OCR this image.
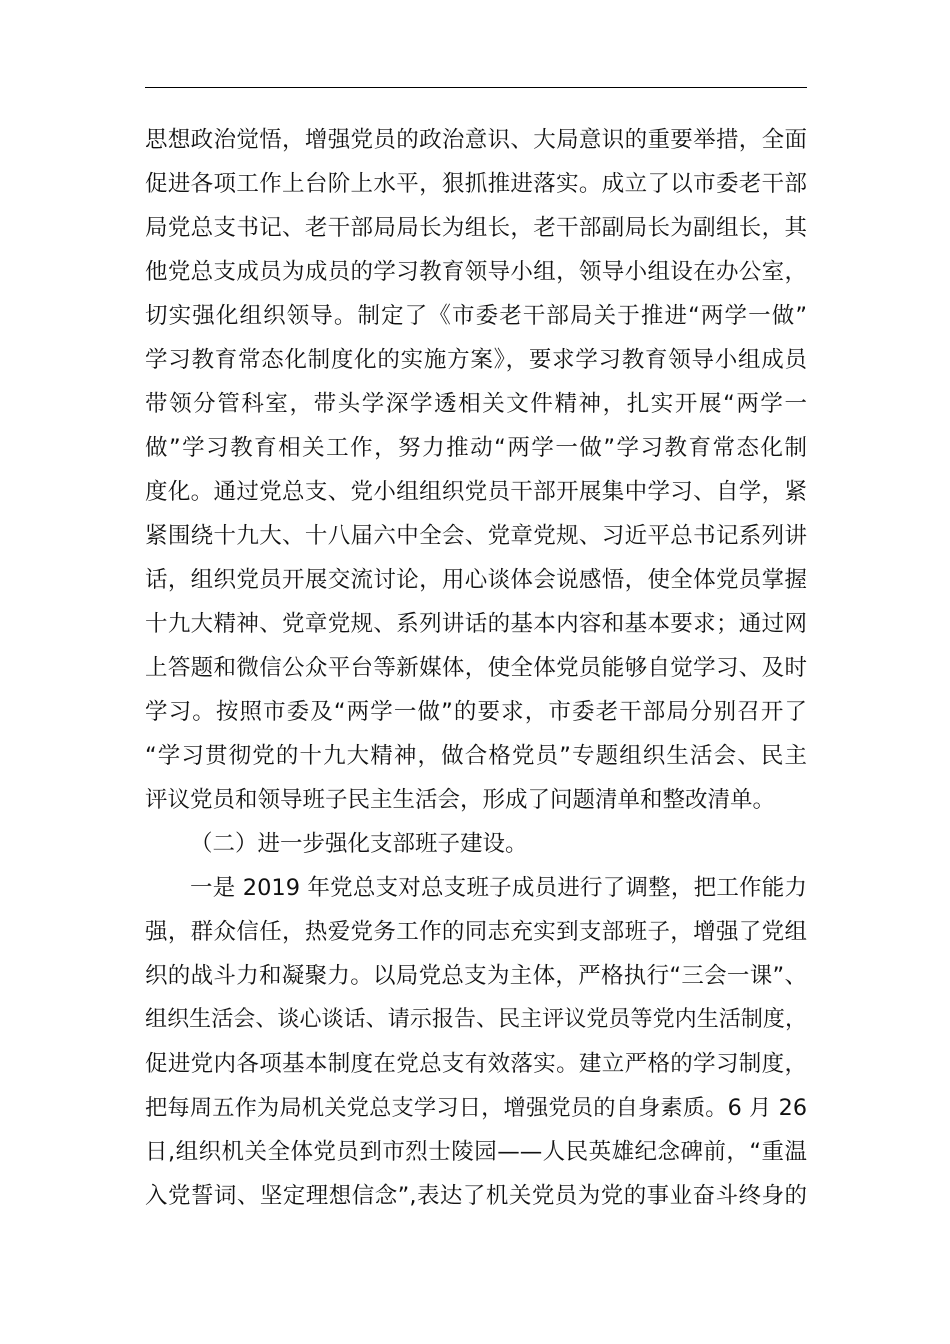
思想政治觉悟，增强党员的政治意识、大局意识的重要举措，全面
促进各项工作上台阶上水平，狠抓推进落实。成立了以市委老干部
局党总支书记、老干部局局长为组长，老干部副局长为副组长，其
他党总支成员为成员的学习教育领导小组，领导小组设在办公室，
切实强化组织领导。制定了《市委老干部局关于推进“两学一做”
学习教育常态化制度化的实施方案》，要求学习教育领导小组成员
带领分管科室，带头学深学透相关文件精神，扎实开展“两学一
做”学习教育相关工作，努力推动“两学一做”学习教育常态化制
度化。通过党总支、党小组组织党员干部开展集中学习、自学，紧
紧围绕十九大、十八届六中全会、党章党规、习近平总书记系列讲
话，组织党员开展交流讨论，用心谈体会说感悟，使全体党员掌握
十九大精神、党章党规、系列讲话的基本内容和基本要求；通过网
上答题和微信公众平台等新媒体，使全体党员能够自觉学习、及时
学习。按照市委及“两学一做”的要求，市委老干部局分别召开了
“学习贯彻党的十九大精神，做合格党员”专题组织生活会、民主
评议党员和领导班子民主生活会，形成了问题清单和整改清单。
（二）进一步强化支部班子建设。
一是 2019 年党总支对总支班子成员进行了调整，把工作能力
强，群众信任，热爱党务工作的同志充实到支部班子，增强了党组
织的战斗力和凝聚力。以局党总支为主体，严格执行“三会一课”、
组织生活会、谈心谈话、请示报告、民主评议党员等党内生活制度，
促进党内各项基本制度在党总支有效落实。建立严格的学习制度，
把每周五作为局机关党总支学习日，增强党员的自身素质。6 月 26
日,组织机关全体党员到市烈士陵园——人民英雄纪念碑前，“重温
入党誓词、坚定理想信念”,表达了机关党员为党的事业奋斗终身的
